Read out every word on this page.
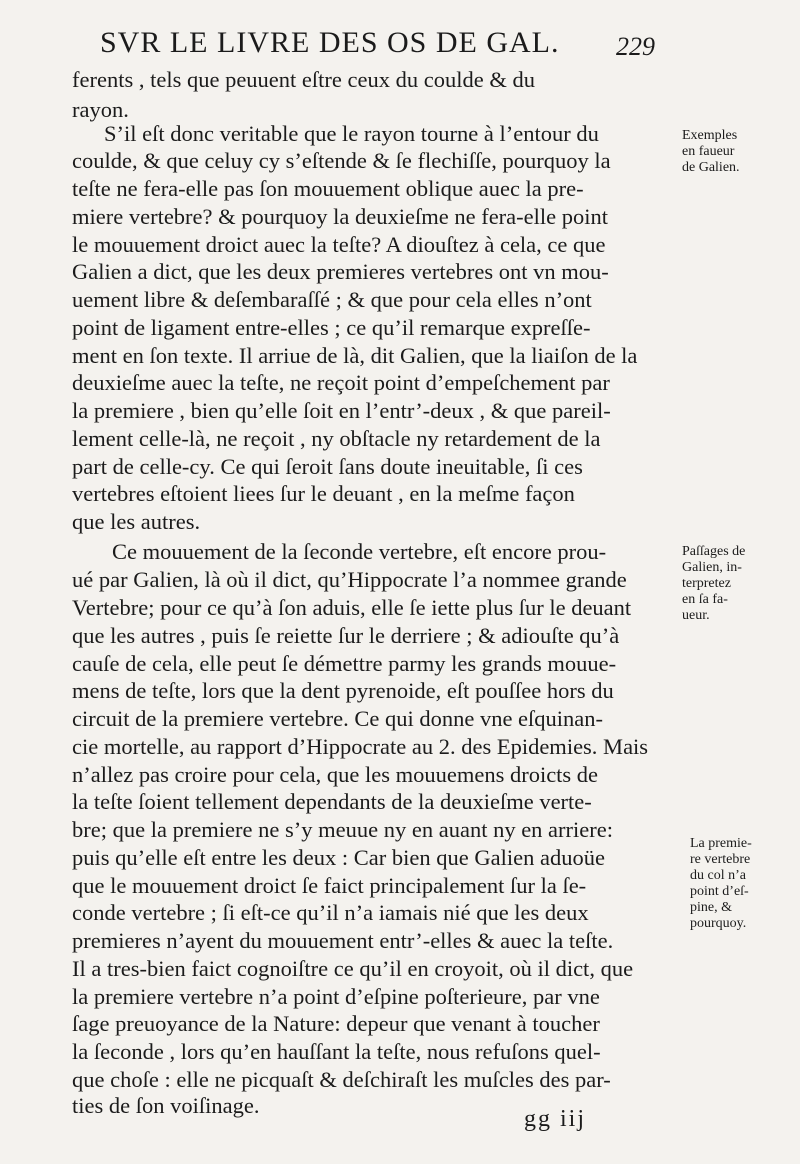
SVR LE LIVRE DES OS DE GAL. 229
ferents , tels que peuuent eſtre ceux du coulde & du
rayon.
S’il eſt donc veritable que le rayon tourne à l’entour du
coulde, & que celuy cy s’eſtende & ſe flechiſſe, pourquoy la
teſte ne fera-elle pas ſon mouuement oblique auec la pre-
miere vertebre? & pourquoy la deuxieſme ne fera-elle point
le mouuement droict auec la teſte? A diouſtez à cela, ce que
Galien a dict, que les deux premieres vertebres ont vn mou-
uement libre & deſembaraſſé ; & que pour cela elles n’ont
point de ligament entre-elles ; ce qu’il remarque expreſſe-
ment en ſon texte. Il arriue de là, dit Galien, que la liaiſon de la
deuxieſme auec la teſte, ne reçoit point d’empeſchement par
la premiere , bien qu’elle ſoit en l’entr’-deux , & que pareil-
lement celle-là, ne reçoit , ny obſtacle ny retardement de la
part de celle-cy. Ce qui ſeroit ſans doute ineuitable, ſi ces
vertebres eſtoient liees ſur le deuant , en la meſme façon
que les autres.
Ce mouuement de la ſeconde vertebre, eſt encore prou-
ué par Galien, là où il dict, qu’Hippocrate l’a nommee grande
Vertebre; pour ce qu’à ſon aduis, elle ſe iette plus ſur le deuant
que les autres , puis ſe reiette ſur le derriere ; & adiouſte qu’à
cauſe de cela, elle peut ſe démettre parmy les grands mouue-
mens de teſte, lors que la dent pyrenoide, eſt pouſſee hors du
circuit de la premiere vertebre. Ce qui donne vne eſquinan-
cie mortelle, au rapport d’Hippocrate au 2. des Epidemies. Mais
n’allez pas croire pour cela, que les mouuemens droicts de
la teſte ſoient tellement dependants de la deuxieſme verte-
bre; que la premiere ne s’y meuue ny en auant ny en arriere:
puis qu’elle eſt entre les deux : Car bien que Galien aduoüe
que le mouuement droict ſe faict principalement ſur la ſe-
conde vertebre ; ſi eſt-ce qu’il n’a iamais nié que les deux
premieres n’ayent du mouuement entr’-elles & auec la teſte.
Il a tres-bien faict cognoiſtre ce qu’il en croyoit, où il dict, que
la premiere vertebre n’a point d’eſpine poſterieure, par vne
ſage preuoyance de la Nature: depeur que venant à toucher
la ſeconde , lors qu’en hauſſant la teſte, nous refuſons quel-
que choſe : elle ne picquaſt & deſchiraſt les muſcles des par-
ties de ſon voiſinage.
Exemples
en faueur
de Galien.
Paſſages de
Galien, in-
terpretez
en ſa fa-
ueur.
La premie-
re vertebre
du col n’a
point d’eſ-
pine, &
pourquoy.
gg iij
